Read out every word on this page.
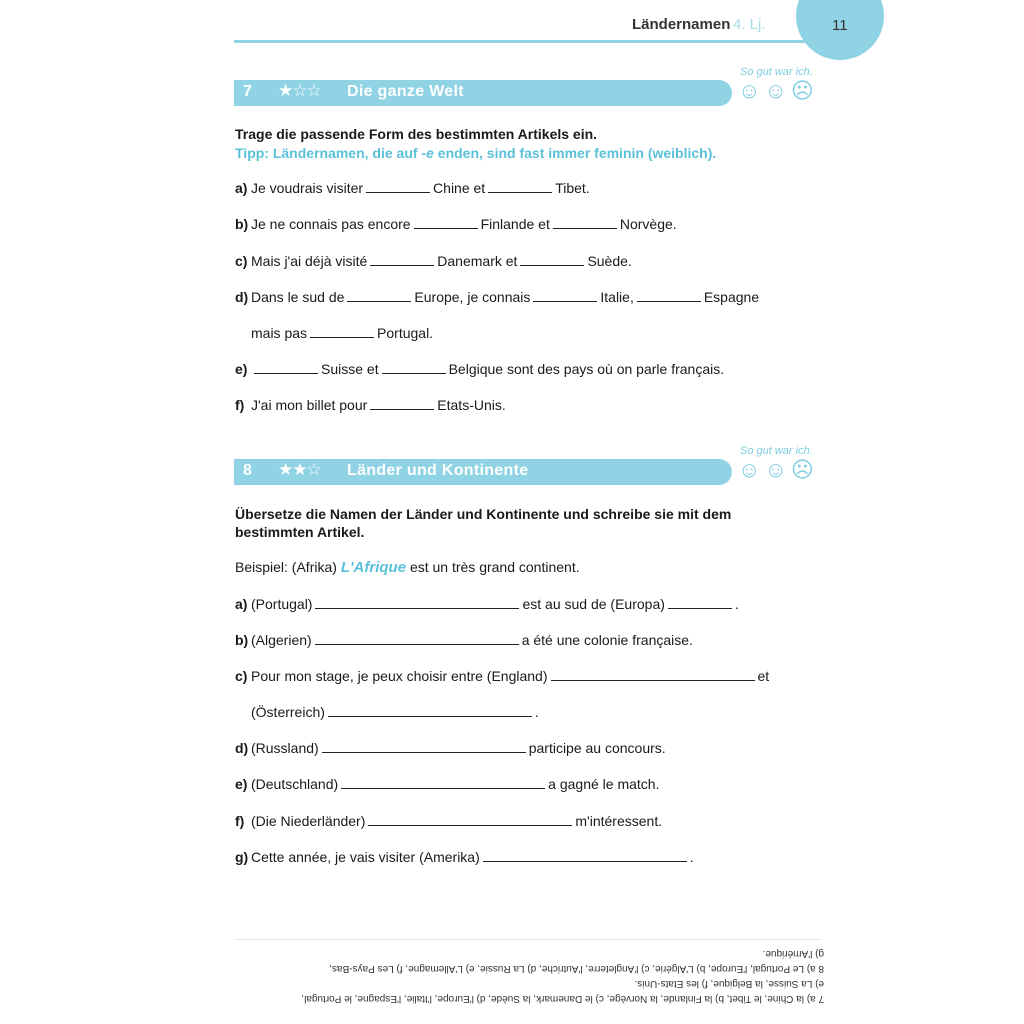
11
Ländernamen 4. Lj.
So gut war ich.
7 ★☆☆ Die ganze Welt	☺☺☹
Trage die passende Form des bestimmten Artikels ein.
Tipp: Ländernamen, die auf -e enden, sind fast immer feminin (weiblich).
a) Je voudrais visiter	Chine et	Tibet.
b) Je ne connais pas encore	Finlande et	Norvège.
c) Mais j'ai déjà visité	Danemark et	Suède.
d) Dans le sud de	Europe, je connais	Italie,	Espagne
mais pas	Portugal.
e)	Suisse et	Belgique sont des pays où on parle français.
f) J'ai mon billet pour	Etats-Unis.
So gut war ich.
8 ★★☆ Länder und Kontinente	☺☺☹
Übersetze die Namen der Länder und Kontinente und schreibe sie mit dem
bestimmten Artikel.
Beispiel: (Afrika) L'Afrique est un très grand continent.
a) (Portugal)	est au sud de (Europa)	.
b) (Algerien)	a été une colonie française.
c) Pour mon stage, je peux choisir entre (England)	et
(Österreich)	.
d) (Russland)	participe au concours.
e) (Deutschland)	a gagné le match.
f) (Die Niederländer)	m'intéressent.
g) Cette année, je vais visiter (Amerika)	.
7 a) la Chine, le Tibet, b) la Finlande, la Norvège, c) le Danemark, la Suède, d) l'Europe, l'Italie, l'Espagne, le Portugal,
e) La Suisse, la Belgique, f) les Etats-Unis.
8 a) Le Portugal, l'Europe, b) L'Algérie, c) l'Angleterre, l'Autriche, d) La Russie, e) L'Allemagne, f) Les Pays-Bas,
g) l'Amérique.
